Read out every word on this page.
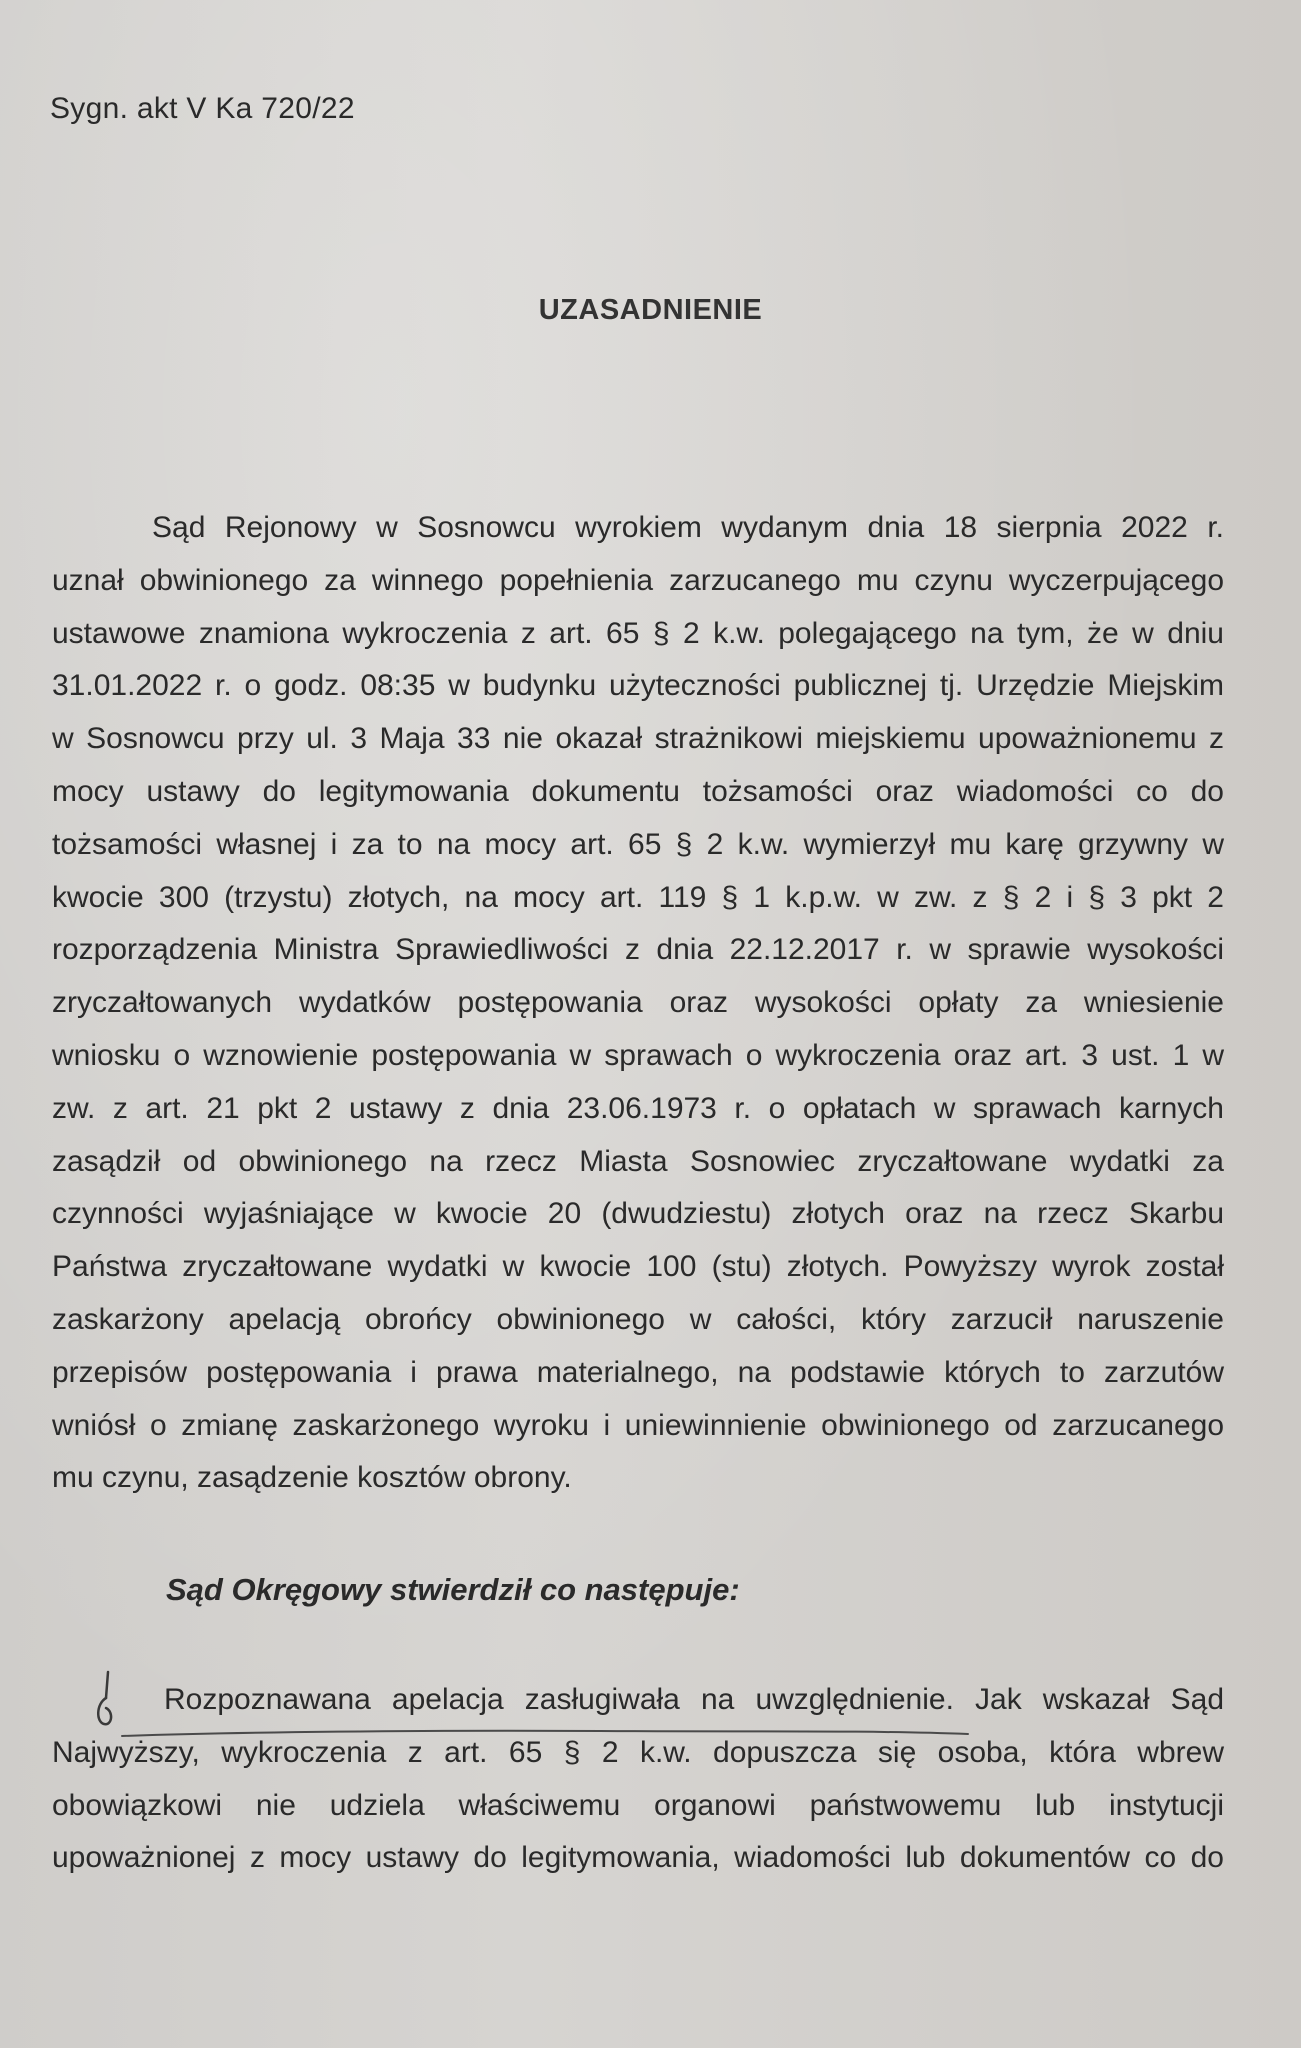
Sygn. akt V Ka 720/22
UZASADNIENIE
Sąd Rejonowy w Sosnowcu wyrokiem wydanym dnia 18 sierpnia 2022 r.
uznał obwinionego za winnego popełnienia zarzucanego mu czynu wyczerpującego
ustawowe znamiona wykroczenia z art. 65 § 2 k.w. polegającego na tym, że w dniu
31.01.2022 r. o godz. 08:35 w budynku użyteczności publicznej tj. Urzędzie Miejskim
w Sosnowcu przy ul. 3 Maja 33 nie okazał strażnikowi miejskiemu upoważnionemu z
mocy ustawy do legitymowania dokumentu tożsamości oraz wiadomości co do
tożsamości własnej i za to na mocy art. 65 § 2 k.w. wymierzył mu karę grzywny w
kwocie 300 (trzystu) złotych, na mocy art. 119 § 1 k.p.w. w zw. z § 2 i § 3 pkt 2
rozporządzenia Ministra Sprawiedliwości z dnia 22.12.2017 r. w sprawie wysokości
zryczałtowanych wydatków postępowania oraz wysokości opłaty za wniesienie
wniosku o wznowienie postępowania w sprawach o wykroczenia oraz art. 3 ust. 1 w
zw. z art. 21 pkt 2 ustawy z dnia 23.06.1973 r. o opłatach w sprawach karnych
zasądził od obwinionego na rzecz Miasta Sosnowiec zryczałtowane wydatki za
czynności wyjaśniające w kwocie 20 (dwudziestu) złotych oraz na rzecz Skarbu
Państwa zryczałtowane wydatki w kwocie 100 (stu) złotych. Powyższy wyrok został
zaskarżony apelacją obrońcy obwinionego w całości, który zarzucił naruszenie
przepisów postępowania i prawa materialnego, na podstawie których to zarzutów
wniósł o zmianę zaskarżonego wyroku i uniewinnienie obwinionego od zarzucanego
mu czynu, zasądzenie kosztów obrony.
Sąd Okręgowy stwierdził co następuje:
Rozpoznawana apelacja zasługiwała na uwzględnienie. Jak wskazał Sąd
Najwyższy, wykroczenia z art. 65 § 2 k.w. dopuszcza się osoba, która wbrew
obowiązkowi nie udziela właściwemu organowi państwowemu lub instytucji
upoważnionej z mocy ustawy do legitymowania, wiadomości lub dokumentów co do
